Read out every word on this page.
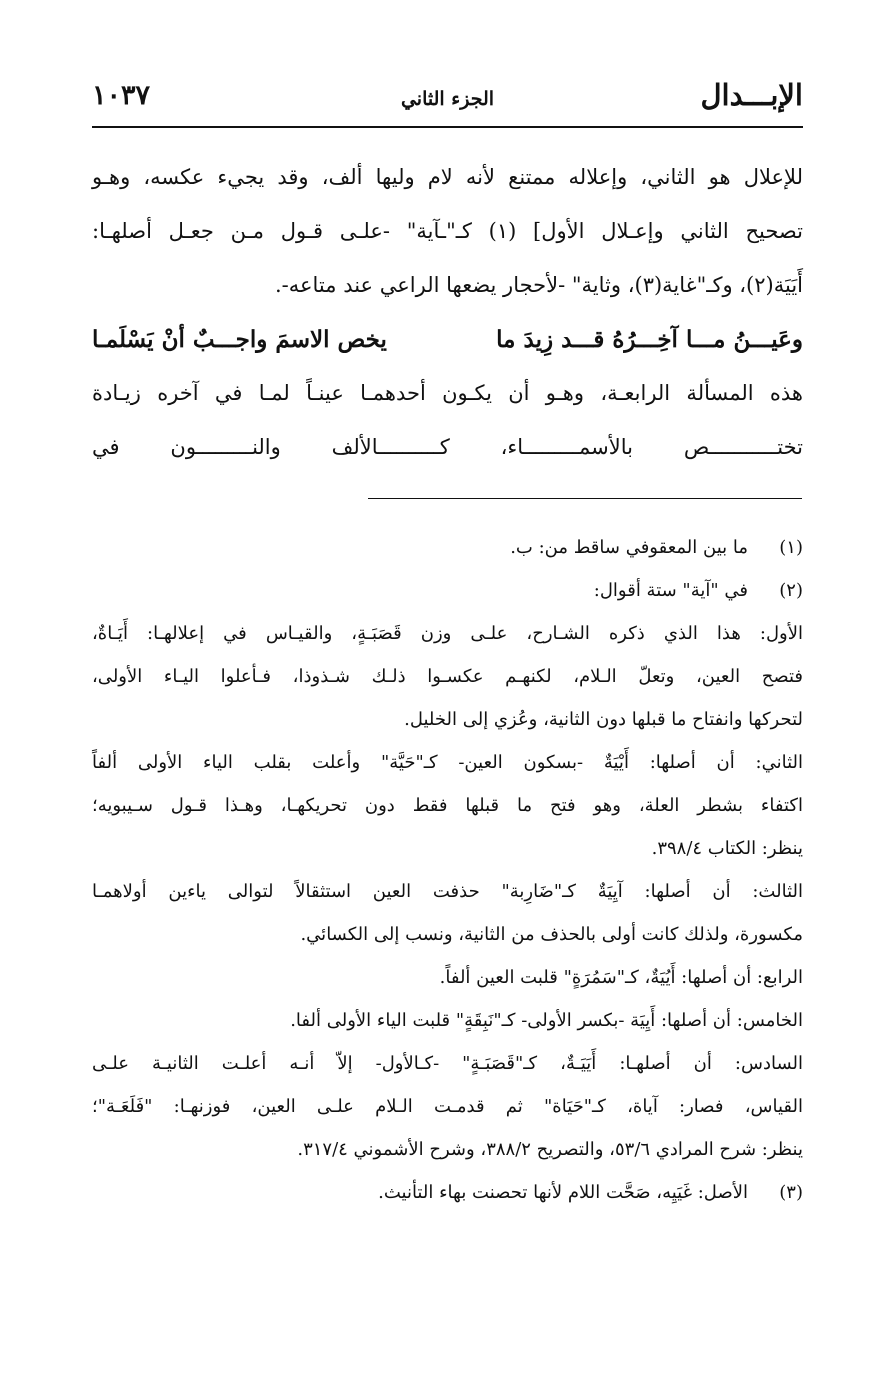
الإبـــدال
الجزء الثاني
١٠٣٧

للإعلال هو الثاني، وإعلاله ممتنع لأنه لام وليها ألف، وقد يجيء عكسه، وهـو

تصحيح الثاني وإعـلال الأول] (١) كـ"ـآية" -علـى قـول مـن جعـل أصلهـا:

أَيَيَة(٢)، وكـ"غاية(٣)، وثاية" -لأحجار يضعها الراعي عند متاعه-.

وعَيـــنُ مـــا آخِـــرُهُ قـــد زِيدَ ما
يخص الاسمَ واجـــبٌ أنْ يَسْلَمـا

هذه المسألة الرابعـة، وهـو أن يكـون أحدهمـا عينـاً لمـا في آخره زيـادة

تختـــــــــــص بالأسمـــــــــاء، كــــــــــالألف والنـــــــــون في

(١)
ما بين المعقوفي ساقط من: ب.
(٢)
في "آية" ستة أقوال:
الأول: هذا الذي ذكره الشـارح، علـى وزن قَصَبَـةٍ، والقيـاس في إعلالهـا: أَيَـاةٌ،
فتصح العين، وتعلّ الـلام، لكنهـم عكسـوا ذلـك شـذوذا، فـأعلوا اليـاء الأولى،
لتحركها وانفتاح ما قبلها دون الثانية، وعُزي إلى الخليل.
الثاني: أن أصلها: أَيْيَةٌ -بسكون العين- كـ"حَيَّة" وأعلت بقلب الياء الأولى ألفاً
اكتفاء بشطر العلة، وهو فتح ما قبلها فقط دون تحريكهـا، وهـذا قـول سـيبويه؛
ينظر: الكتاب ٣٩٨/٤.
الثالث: أن أصلها: آيِيَةٌ كـ"ضَارِبة" حذفت العين استثقالاً لتوالى ياءين أولاهمـا
مكسورة، ولذلك كانت أولى بالحذف من الثانية، ونسب إلى الكسائي.
الرابع: أن أصلها: أَيُيَةٌ، كـ"سَمُرَةٍ" قلبت العين ألفاً.
الخامس: أن أصلها: أَيِيَة -بكسر الأولى- كـ"نَبِقَةٍ" قلبت الياء الأولى ألفا.
السادس: أن أصلهـا: أَيَيَـةٌ، كـ"قَصَبَـةٍ" -كـالأول- إلاّ أنـه أعلـت الثانيـة علـى
القياس، فصار: آياة، كـ"حَيَاة" ثم قدمـت الـلام علـى العين، فوزنهـا: "فَلَعَـة"؛
ينظر: شرح المرادي ٥٣/٦، والتصريح ٣٨٨/٢، وشرح الأشموني ٣١٧/٤.
(٣)
الأصل: غَيَيِه، صَحَّت اللام لأنها تحصنت بهاء التأنيث.
